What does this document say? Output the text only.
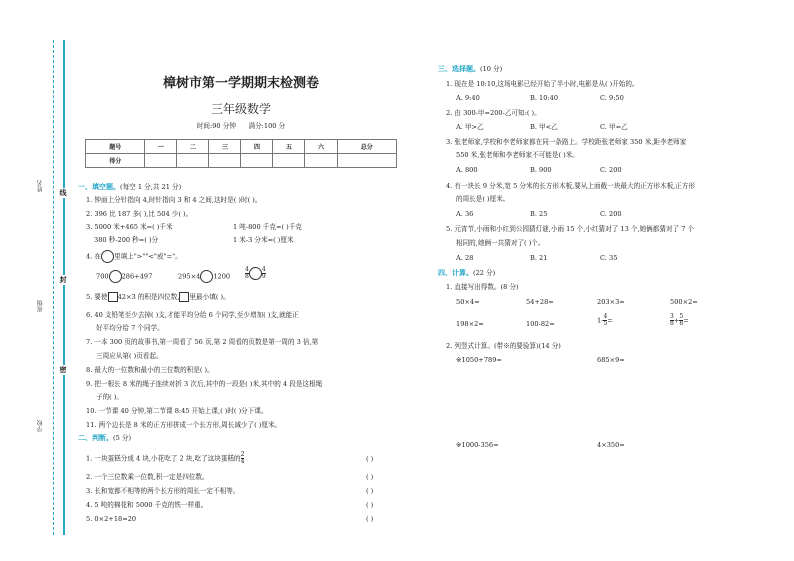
学校
班级
姓名
密
封
线
樟树市第一学期期末检测卷
三年级数学
时间:90 分钟      满分:100 分
题号	一	二	三	四	五	六	总分
得分							
一、填空题。(每空 1 分,共 21 分)
1. 钟面上分针指向 4,时针指向 3 和 4 之间,这时是( )时( )。
2. 396 比 187 多( ),比 504 少( )。
3. 5000 米+465 米=( )千米	1 吨-800 千克=( )千克
380 秒-200 秒=( )分	1 米-3 分米=( )厘米
4. 在 里填上">""<"或"="。
700 286+497	295×4 $1200 \frac{4}{8} \frac{4}{9}$
5. 要使 42×3 的积是四位数, 里最小填( )。
6. 40 支铅笔至少去掉( )支,才能平均分给 6 个同学,至少增加( )支,就能正
好平均分给 7 个同学。
7. 一本 300 页的故事书,第一周看了 56 页,第 2 周看的页数是第一周的 3 倍,第
三周应从第( )页看起。
8. 最大的一位数和最小的三位数的积是( )。
9. 把一根长 8 米的绳子连续对折 3 次后,其中的一段是( )米,其中的 4 段是这根绳
子的( )。
10. 一节课 40 分钟,第二节课 8:45 开始上课,( )时( )分下课。
11. 两个边长是 8 米的正方形拼成一个长方形,周长减少了( )厘米。
二、判断。(5 分)
1. 一块蛋糕分成 4 块,小花吃了 2 块,吃了这块蛋糕的 $\frac{2}{4}$	( )
2. 一个三位数乘一位数,积一定是四位数。	( )
3. 长和宽都不相等的两个长方形的周长一定不相等。	( )
4. 5 吨的棉花和 5000 千克的铁一样重。	( )
5. 0×2+18=20	( )
三、选择题。(10 分)
1. 现在是 10:10,这场电影已经开始了半小时,电影是从( )开始的。
A. 9:40	B. 10:40	C. 9:50
2. 由 300-甲=200-乙可知:( )。
A. 甲>乙	B. 甲<乙	C. 甲=乙
3. 张老师家,学校和李老师家都在同一条路上。学校距张老师家 350 米,距李老师家
550 米,张老师和李老师家不可能是( )米。
A. 800	B. 900	C. 200
4. 有一块长 9 分米,宽 5 分米的长方形木板,要从上面截一块最大的正方形木板,正方形
的周长是( )厘米。
A. 36	B. 25	C. 200
5. 元宵节,小雨和小红到公园猜灯谜,小雨 15 个,小红猜对了 13 个,她俩都猜对了 7 个
相同的,她俩一共猜对了( )个。
A. 28	B. 21	C. 35
四、计算。(22 分)
1. 直接写出得数。(8 分)
50×4=	54+28=	203×3=	500×2=
198×2≈	100-82=	$1- \frac{4}{5}$ =	$\frac{3}{8} + \frac{5}{8}$ =
2. 列竖式计算。(带※的要验算)(14 分)
※1050+789=	685×9=
※1000-356=	4×350=
